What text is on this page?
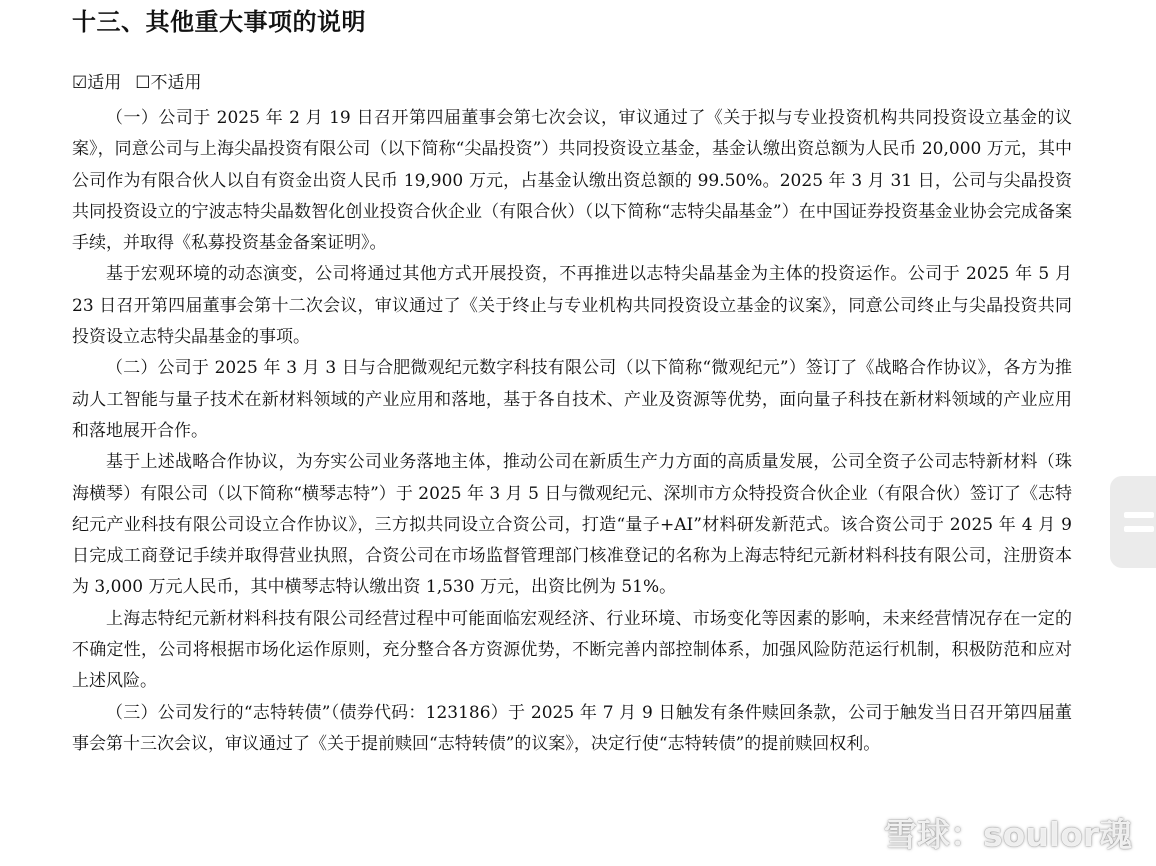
十三、其他重大事项的说明
☑适用 ☐不适用

（一）公司于 2025 年 2 月 19 日召开第四届董事会第七次会议，审议通过了《关于拟与专业投资机构共同投资设立基金的议案》，同意公司与上海尖晶投资有限公司（以下简称“尖晶投资”）共同投资设立基金，基金认缴出资总额为人民币 20,000 万元，其中公司作为有限合伙人以自有资金出资人民币 19,900 万元，占基金认缴出资总额的 99.50%。2025 年 3 月 31 日，公司与尖晶投资共同投资设立的宁波志特尖晶数智化创业投资合伙企业（有限合伙）（以下简称“志特尖晶基金”）在中国证券投资基金业协会完成备案手续，并取得《私募投资基金备案证明》。

基于宏观环境的动态演变，公司将通过其他方式开展投资，不再推进以志特尖晶基金为主体的投资运作。公司于 2025 年 5 月 23 日召开第四届董事会第十二次会议，审议通过了《关于终止与专业机构共同投资设立基金的议案》，同意公司终止与尖晶投资共同投资设立志特尖晶基金的事项。

（二）公司于 2025 年 3 月 3 日与合肥微观纪元数字科技有限公司（以下简称“微观纪元”）签订了《战略合作协议》，各方为推动人工智能与量子技术在新材料领域的产业应用和落地，基于各自技术、产业及资源等优势，面向量子科技在新材料领域的产业应用和落地展开合作。

基于上述战略合作协议，为夯实公司业务落地主体，推动公司在新质生产力方面的高质量发展，公司全资子公司志特新材料（珠海横琴）有限公司（以下简称“横琴志特”）于 2025 年 3 月 5 日与微观纪元、深圳市方众特投资合伙企业（有限合伙）签订了《志特纪元产业科技有限公司设立合作协议》，三方拟共同设立合资公司，打造“量子+AI”材料研发新范式。该合资公司于 2025 年 4 月 9 日完成工商登记手续并取得营业执照，合资公司在市场监督管理部门核准登记的名称为上海志特纪元新材料科技有限公司，注册资本为 3,000 万元人民币，其中横琴志特认缴出资 1,530 万元，出资比例为 51%。

上海志特纪元新材料科技有限公司经营过程中可能面临宏观经济、行业环境、市场变化等因素的影响，未来经营情况存在一定的不确定性，公司将根据市场化运作原则，充分整合各方资源优势，不断完善内部控制体系，加强风险防范运行机制，积极防范和应对上述风险。

（三）公司发行的“志特转债”（债券代码：123186）于 2025 年 7 月 9 日触发有条件赎回条款，公司于触发当日召开第四届董事会第十三次会议，审议通过了《关于提前赎回“志特转债”的议案》，决定行使“志特转债”的提前赎回权利。

雪球：soulor魂
